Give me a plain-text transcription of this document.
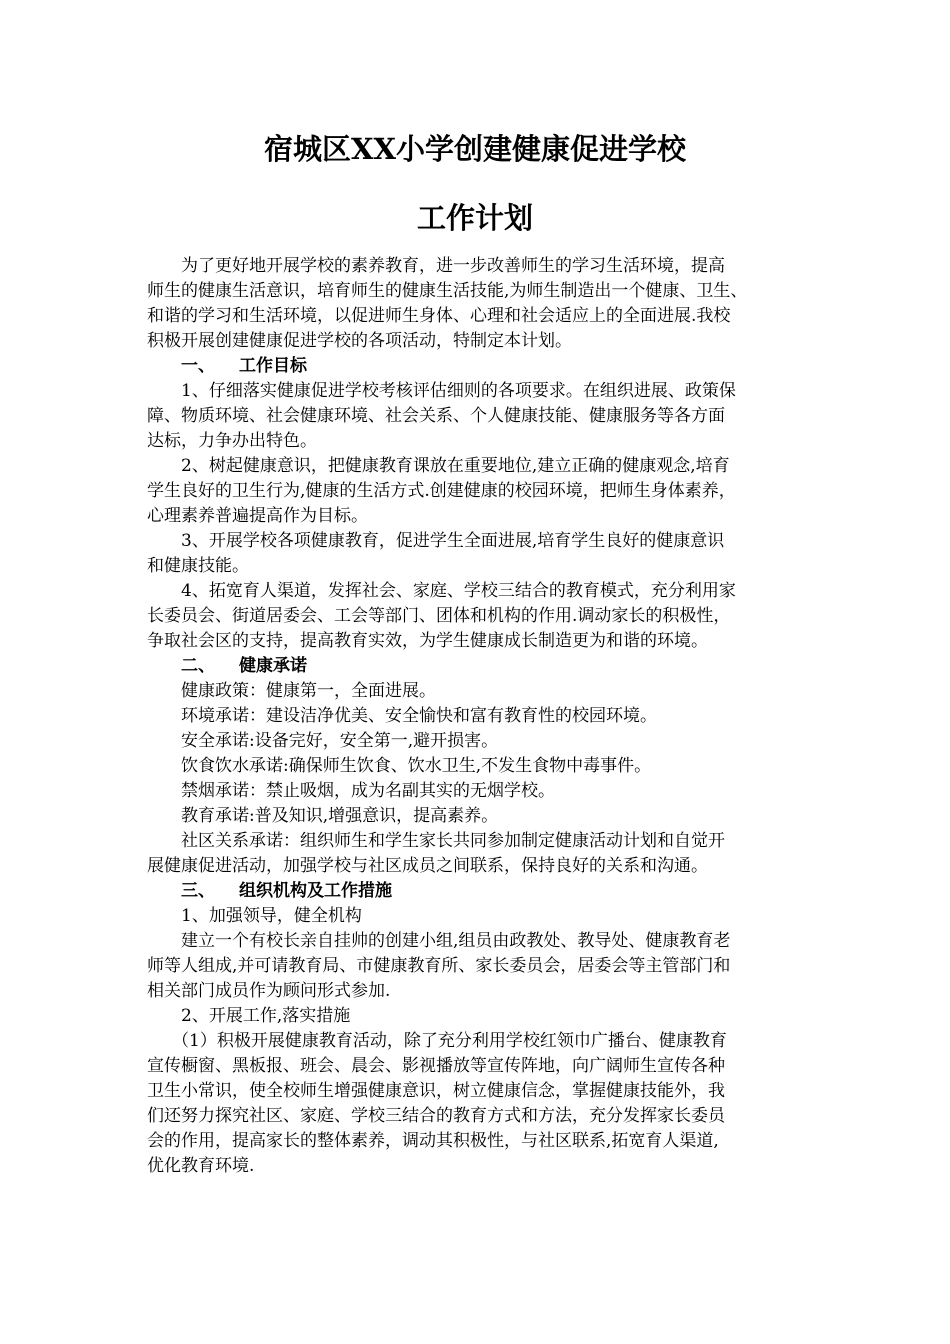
宿城区XX小学创建健康促进学校
工作计划
为了更好地开展学校的素养教育，进一步改善师生的学习生活环境，提高
师生的健康生活意识，培育师生的健康生活技能,为师生制造出一个健康、卫生、
和谐的学习和生活环境，以促进师生身体、心理和社会适应上的全面进展.我校
积极开展创建健康促进学校的各项活动，特制定本计划。
一、 工作目标
1、仔细落实健康促进学校考核评估细则的各项要求。在组织进展、政策保
障、物质环境、社会健康环境、社会关系、个人健康技能、健康服务等各方面
达标，力争办出特色。
2、树起健康意识，把健康教育课放在重要地位,建立正确的健康观念,培育
学生良好的卫生行为,健康的生活方式.创建健康的校园环境，把师生身体素养，
心理素养普遍提高作为目标。
3、开展学校各项健康教育，促进学生全面进展,培育学生良好的健康意识
和健康技能。
4、拓宽育人渠道，发挥社会、家庭、学校三结合的教育模式，充分利用家
长委员会、街道居委会、工会等部门、团体和机构的作用.调动家长的积极性，
争取社会区的支持，提高教育实效，为学生健康成长制造更为和谐的环境。
二、 健康承诺
健康政策：健康第一，全面进展。
环境承诺：建设洁净优美、安全愉快和富有教育性的校园环境。
安全承诺:设备完好，安全第一,避开损害。
饮食饮水承诺:确保师生饮食、饮水卫生,不发生食物中毒事件。
禁烟承诺：禁止吸烟，成为名副其实的无烟学校。
教育承诺:普及知识,增强意识，提高素养。
社区关系承诺：组织师生和学生家长共同参加制定健康活动计划和自觉开
展健康促进活动，加强学校与社区成员之间联系，保持良好的关系和沟通。
三、 组织机构及工作措施
1、加强领导，健全机构
建立一个有校长亲自挂帅的创建小组,组员由政教处、教导处、健康教育老
师等人组成,并可请教育局、市健康教育所、家长委员会，居委会等主管部门和
相关部门成员作为顾问形式参加.
2、开展工作,落实措施
（1）积极开展健康教育活动，除了充分利用学校红领巾广播台、健康教育
宣传橱窗、黑板报、班会、晨会、影视播放等宣传阵地，向广阔师生宣传各种
卫生小常识，使全校师生增强健康意识，树立健康信念，掌握健康技能外，我
们还努力探究社区、家庭、学校三结合的教育方式和方法，充分发挥家长委员
会的作用，提高家长的整体素养，调动其积极性，与社区联系,拓宽育人渠道,
优化教育环境.
